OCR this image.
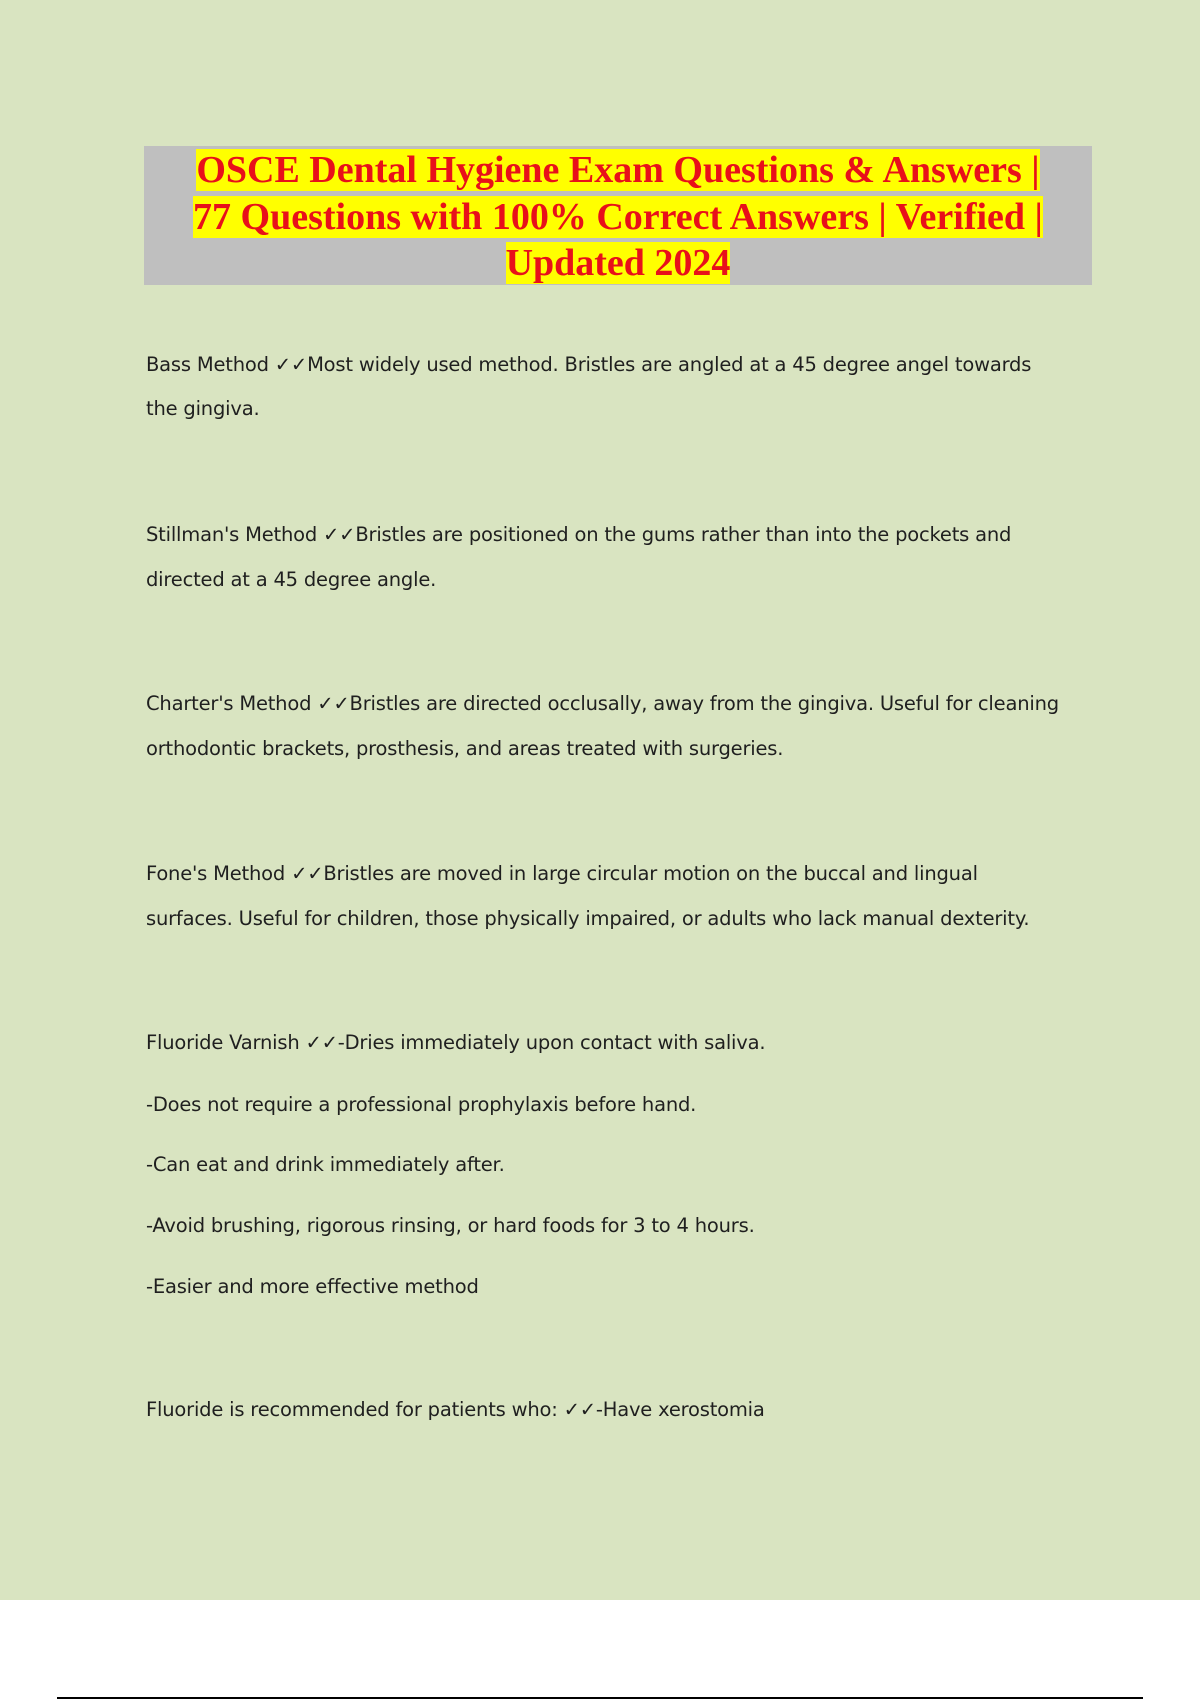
OSCE Dental Hygiene Exam Questions & Answers |
77 Questions with 100% Correct Answers | Verified |
Updated 2024

Bass Method ✓✓Most widely used method. Bristles are angled at a 45 degree angel towards
the gingiva.
Stillman's Method ✓✓Bristles are positioned on the gums rather than into the pockets and
directed at a 45 degree angle.
Charter's Method ✓✓Bristles are directed occlusally, away from the gingiva. Useful for cleaning
orthodontic brackets, prosthesis, and areas treated with surgeries.
Fone's Method ✓✓Bristles are moved in large circular motion on the buccal and lingual
surfaces. Useful for children, those physically impaired, or adults who lack manual dexterity.
Fluoride Varnish ✓✓-Dries immediately upon contact with saliva.
-Does not require a professional prophylaxis before hand.
-Can eat and drink immediately after.
-Avoid brushing, rigorous rinsing, or hard foods for 3 to 4 hours.
-Easier and more effective method
Fluoride is recommended for patients who: ✓✓-Have xerostomia
